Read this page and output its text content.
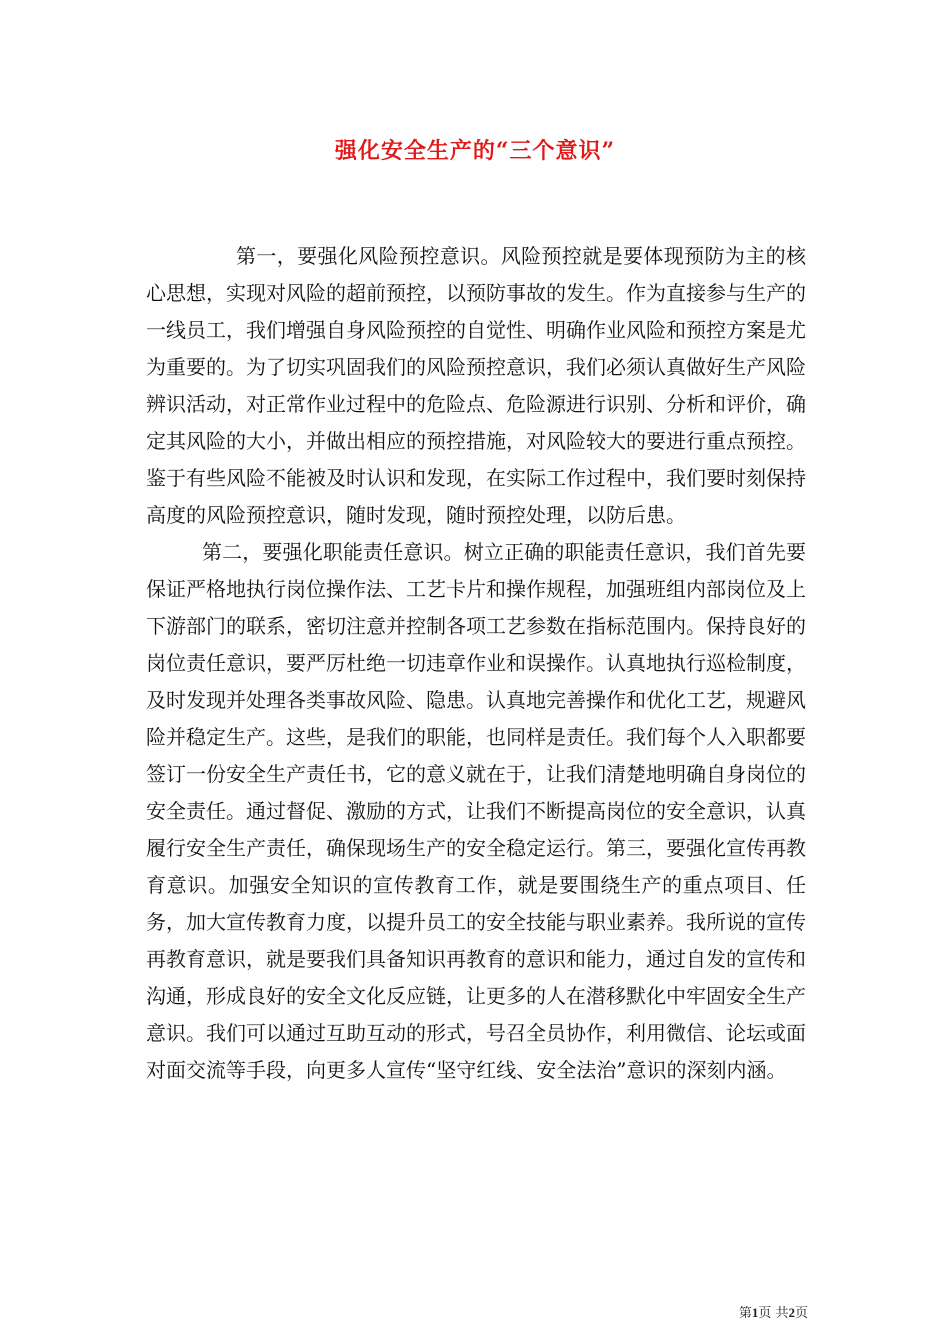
强化安全生产的“三个意识”

第一，要强化风险预控意识。风险预控就是要体现预防为主的核心思想，实现对风险的超前预控，以预防事故的发生。作为直接参与生产的一线员工，我们增强自身风险预控的自觉性、明确作业风险和预控方案是尤为重要的。为了切实巩固我们的风险预控意识，我们必须认真做好生产风险辨识活动，对正常作业过程中的危险点、危险源进行识别、分析和评价，确定其风险的大小，并做出相应的预控措施，对风险较大的要进行重点预控。鉴于有些风险不能被及时认识和发现，在实际工作过程中，我们要时刻保持高度的风险预控意识，随时发现，随时预控处理，以防后患。

第二，要强化职能责任意识。树立正确的职能责任意识，我们首先要保证严格地执行岗位操作法、工艺卡片和操作规程，加强班组内部岗位及上下游部门的联系，密切注意并控制各项工艺参数在指标范围内。保持良好的岗位责任意识，要严厉杜绝一切违章作业和误操作。认真地执行巡检制度，及时发现并处理各类事故风险、隐患。认真地完善操作和优化工艺，规避风险并稳定生产。这些，是我们的职能，也同样是责任。我们每个人入职都要签订一份安全生产责任书，它的意义就在于，让我们清楚地明确自身岗位的安全责任。通过督促、激励的方式，让我们不断提高岗位的安全意识，认真履行安全生产责任，确保现场生产的安全稳定运行。第三，要强化宣传再教育意识。加强安全知识的宣传教育工作，就是要围绕生产的重点项目、任务，加大宣传教育力度，以提升员工的安全技能与职业素养。我所说的宣传再教育意识，就是要我们具备知识再教育的意识和能力，通过自发的宣传和沟通，形成良好的安全文化反应链，让更多的人在潜移默化中牢固安全生产意识。我们可以通过互助互动的形式，号召全员协作，利用微信、论坛或面对面交流等手段，向更多人宣传“坚守红线、安全法治”意识的深刻内涵。

第1页 共2页
